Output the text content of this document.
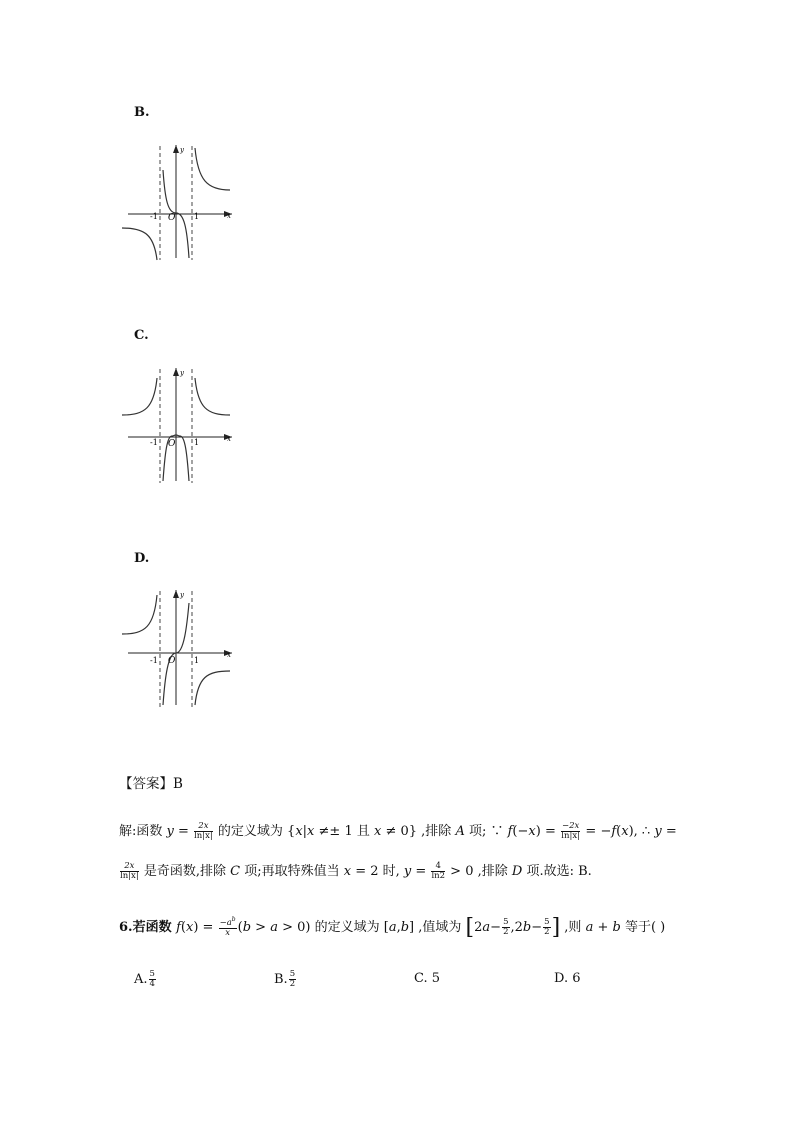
B.
-1 O 1	x
y
C.
-1 O 1	x
y
D.
-1 O 1
x
y
【答案】B
解:函数 $y = \frac{2x}{\ln|x|}$ 的定义域为 {x|x ≠± 1 且 x ≠ 0} ,排除 A 项; ∵ $f(-x) = \frac{-2x}{\ln|x|} = -f(x)$, ∴ y =
$\frac{2x}{\ln|x|}$ 是奇函数,排除 C 项;再取特殊值当 x = 2 时, $y = \frac{4}{\ln 2} > 0$ ,排除 D 项.故选: B.
6.若函数 $f(x) = \frac{-a^b}{x} (b > a > 0)$ 的定义域为 [a,b] ,值域为 [$2a- \frac{5}{2} ,2b- \frac{5}{2}$ ] ,则 a + b 等于( )
A. $\frac{5}{4}$	B. $\frac{5}{2}$	C. 5	D. 6
